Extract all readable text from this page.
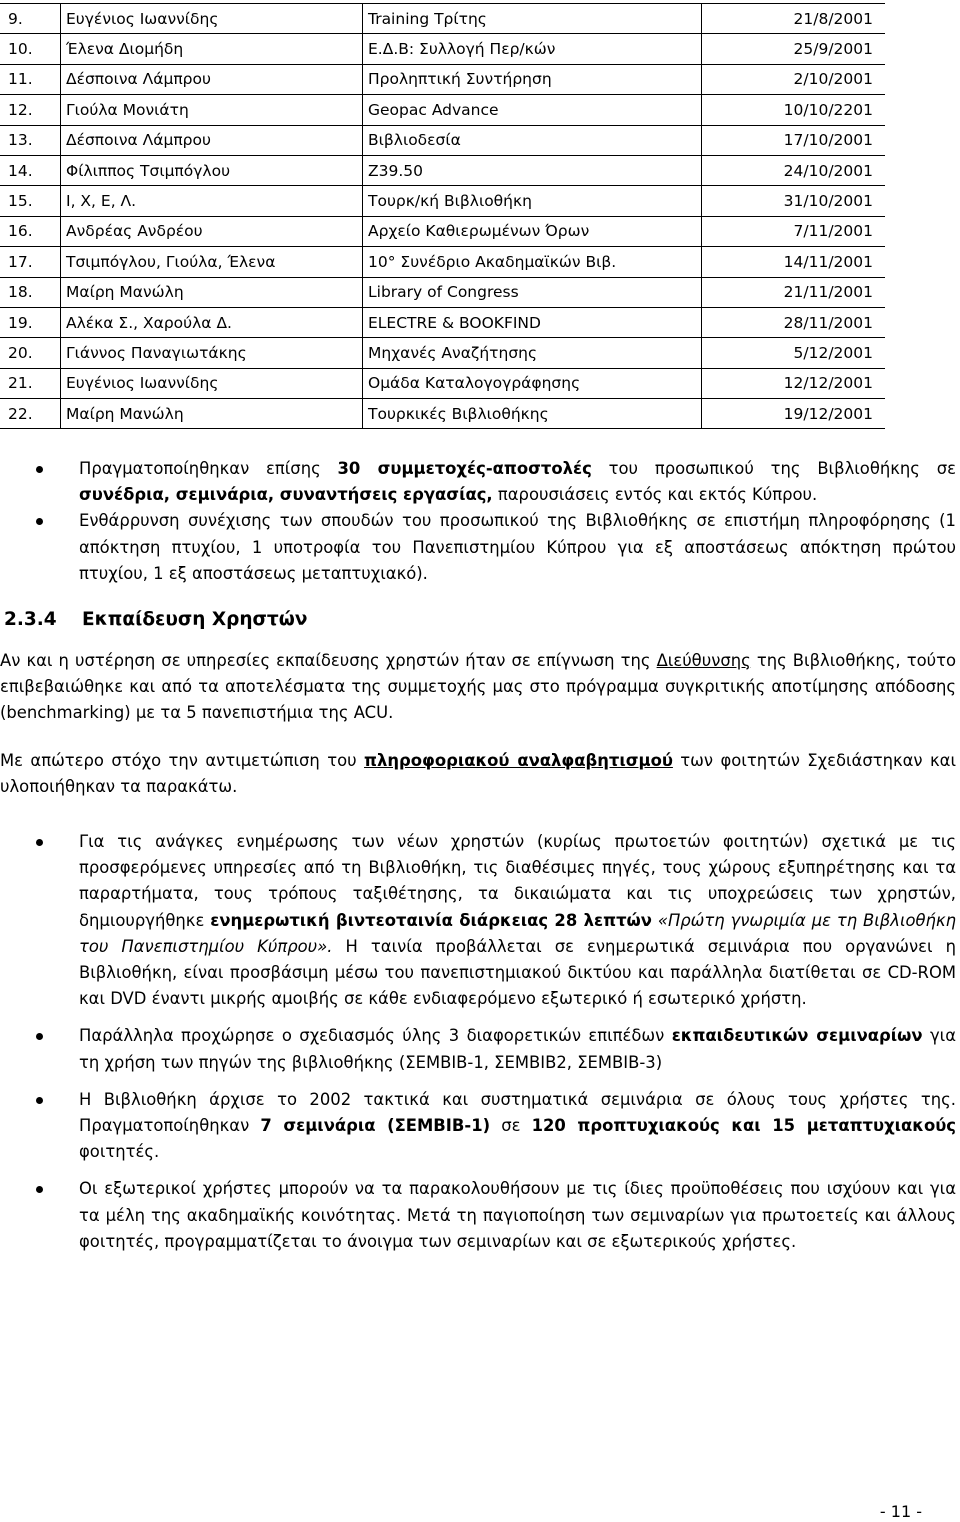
9.	Ευγένιος Ιωαννίδης	Training Τρίτης	21/8/2001
10.	Έλενα Διομήδη	Ε.Δ.Β: Συλλογή Περ/κών	25/9/2001
11.	Δέσποινα Λάμπρου	Προληπτική Συντήρηση	2/10/2001
12.	Γιούλα Μονιάτη	Geopac Advance	10/10/2201
13.	Δέσποινα Λάμπρου	Βιβλιοδεσία	17/10/2001
14.	Φίλιππος Τσιμπόγλου	Z39.50	24/10/2001
15.	Ι, Χ, Ε, Λ.	Τουρκ/κή Βιβλιοθήκη	31/10/2001
16.	Ανδρέας Ανδρέου	Αρχείο Καθιερωμένων Όρων	7/11/2001
17.	Τσιμπόγλου, Γιούλα, Έλενα	10° Συνέδριο Ακαδημαϊκών Βιβ.	14/11/2001
18.	Μαίρη Μανώλη	Library of Congress	21/11/2001
19.	Αλέκα Σ., Χαρούλα Δ.	ELECTRE & BOOKFIND	28/11/2001
20.	Γιάννος Παναγιωτάκης	Μηχανές Αναζήτησης	5/12/2001
21.	Ευγένιος Ιωαννίδης	Ομάδα Καταλογογράφησης	12/12/2001
22.	Μαίρη Μανώλη	Τουρκικές Βιβλιοθήκης	19/12/2001
Πραγματοποίηθηκαν επίσης 30 συμμετοχές-αποστολές του προσωπικού της Βιβλιοθήκης σε συνέδρια, σεμινάρια, συναντήσεις εργασίας, παρουσιάσεις εντός και εκτός Κύπρου.
Ενθάρρυνση συνέχισης των σπουδών του προσωπικού της Βιβλιοθήκης σε επιστήμη πληροφόρησης (1 απόκτηση πτυχίου, 1 υποτροφία του Πανεπιστημίου Κύπρου για εξ αποστάσεως απόκτηση πρώτου πτυχίου, 1 εξ αποστάσεως μεταπτυχιακό).
2.3.4 Εκπαίδευση Χρηστών

Αν και η υστέρηση σε υπηρεσίες εκπαίδευσης χρηστών ήταν σε επίγνωση της Διεύθυνσης της Βιβλιοθήκης, τούτο επιβεβαιώθηκε και από τα αποτελέσματα της συμμετοχής μας στο πρόγραμμα συγκριτικής αποτίμησης απόδοσης (benchmarking) με τα 5 πανεπιστήμια της ACU.

Με απώτερο στόχο την αντιμετώπιση του πληροφοριακού αναλφαβητισμού των φοιτητών Σχεδιάστηκαν και υλοποιήθηκαν τα παρακάτω.

Για τις ανάγκες ενημέρωσης των νέων χρηστών (κυρίως πρωτοετών φοιτητών) σχετικά με τις προσφερόμενες υπηρεσίες από τη Βιβλιοθήκη, τις διαθέσιμες πηγές, τους χώρους εξυπηρέτησης και τα παραρτήματα, τους τρόπους ταξιθέτησης, τα δικαιώματα και τις υποχρεώσεις των χρηστών, δημιουργήθηκε ενημερωτική βιντεοταινία διάρκειας 28 λεπτών «Πρώτη γνωριμία με τη Βιβλιοθήκη του Πανεπιστημίου Κύπρου». Η ταινία προβάλλεται σε ενημερωτικά σεμινάρια που οργανώνει η Βιβλιοθήκη, είναι προσβάσιμη μέσω του πανεπιστημιακού δικτύου και παράλληλα διατίθεται σε CD-ROM και DVD έναντι μικρής αμοιβής σε κάθε ενδιαφερόμενο εξωτερικό ή εσωτερικό χρήστη.
Παράλληλα προχώρησε ο σχεδιασμός ύλης 3 διαφορετικών επιπέδων εκπαιδευτικών σεμιναρίων για τη χρήση των πηγών της βιβλιοθήκης (ΣΕΜΒΙΒ-1, ΣΕΜΒΙΒ2, ΣΕΜΒΙΒ-3)
Η Βιβλιοθήκη άρχισε το 2002 τακτικά και συστηματικά σεμινάρια σε όλους τους χρήστες της. Πραγματοποίηθηκαν 7 σεμινάρια (ΣΕΜΒΙΒ-1) σε 120 προπτυχιακούς και 15 μεταπτυχιακούς φοιτητές.
Οι εξωτερικοί χρήστες μπορούν να τα παρακολουθήσουν με τις ίδιες προϋποθέσεις που ισχύουν και για τα μέλη της ακαδημαϊκής κοινότητας. Μετά τη παγιοποίηση των σεμιναρίων για πρωτοετείς και άλλους φοιτητές, προγραμματίζεται το άνοιγμα των σεμιναρίων και σε εξωτερικούς χρήστες.
- 11 -
